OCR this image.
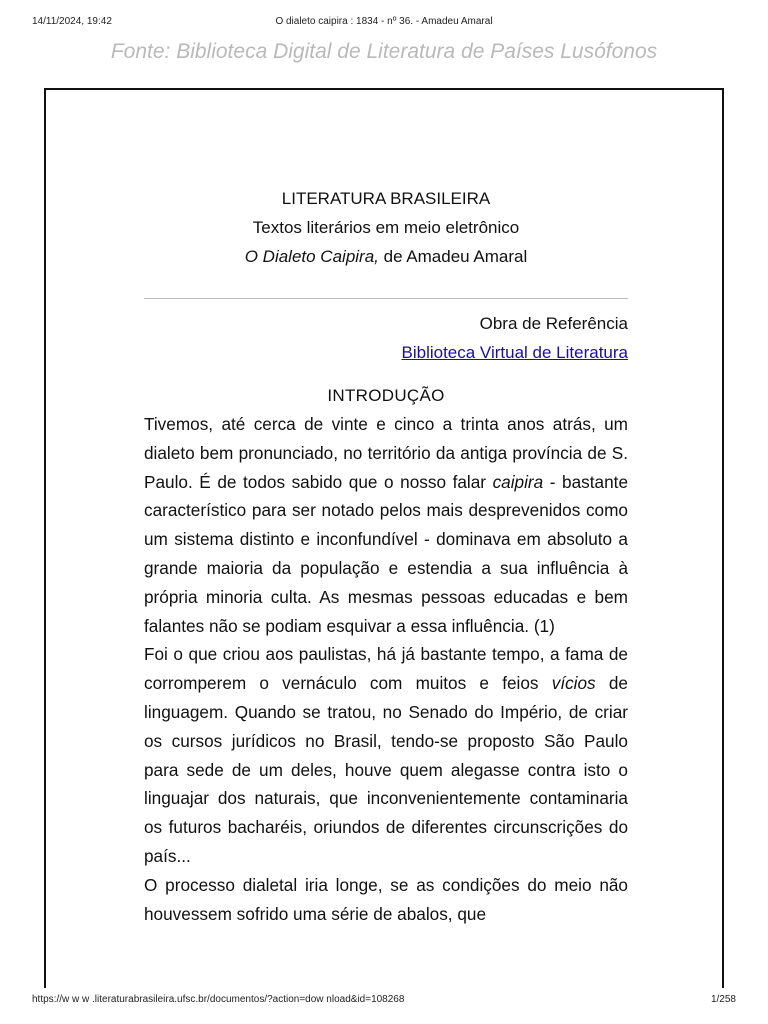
14/11/2024, 19:42	O dialeto caipira : 1834 - nº 36. - Amadeu Amaral
Fonte: Biblioteca Digital de Literatura de Países Lusófonos
LITERATURA BRASILEIRA
Textos literários em meio eletrônico
O Dialeto Caipira, de Amadeu Amaral
Obra de Referência
Biblioteca Virtual de Literatura
INTRODUÇÃO

Tivemos, até cerca de vinte e cinco a trinta anos atrás, um dialeto bem pronunciado, no território da antiga província de S. Paulo. É de todos sabido que o nosso falar caipira - bastante característico para ser notado pelos mais desprevenidos como um sistema distinto e inconfundível - dominava em absoluto a grande maioria da população e estendia a sua influência à própria minoria culta. As mesmas pessoas educadas e bem falantes não se podiam esquivar a essa influência. (1)

Foi o que criou aos paulistas, há já bastante tempo, a fama de corromperem o vernáculo com muitos e feios vícios de linguagem. Quando se tratou, no Senado do Império, de criar os cursos jurídicos no Brasil, tendo-se proposto São Paulo para sede de um deles, houve quem alegasse contra isto o linguajar dos naturais, que inconvenientemente contaminaria os futuros bacharéis, oriundos de diferentes circunscrições do país...

O processo dialetal iria longe, se as condições do meio não houvessem sofrido uma série de abalos, que

https://w w w .literaturabrasileira.ufsc.br/documentos/?action=dow nload&id=108268	1/258
